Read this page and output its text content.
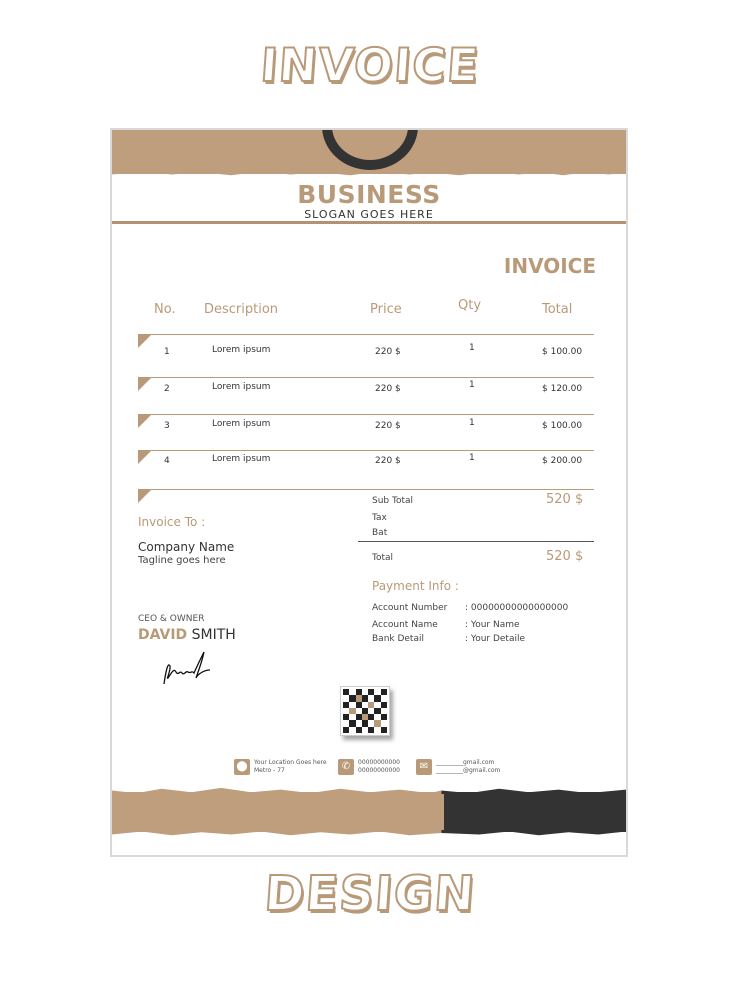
INVOICE
BUSINESS
SLOGAN GOES HERE
INVOICE
No. Description	Price	Qty	Total
1	Lorem ipsum	220 $	1	$ 100.00
2	Lorem ipsum	220 $	1	$ 120.00
3	Lorem ipsum	220 $	1	$ 100.00
4	Lorem ipsum	220 $	1	$ 200.00
Sub Total	520 $
Tax
Bat
Total	520 $
Invoice To :
Company Name
Tagline goes here
Payment Info :
Account Number : 00000000000000000
Account Name	: Your Name
Bank Detail	: Your Detaile
CEO & OWNER
DAVID SMITH
⬤	Your Location Goes here
Metro - 77	✆	00000000000
00000000000	✉	_________gmail.com
_________@gmail.com
DESIGN
